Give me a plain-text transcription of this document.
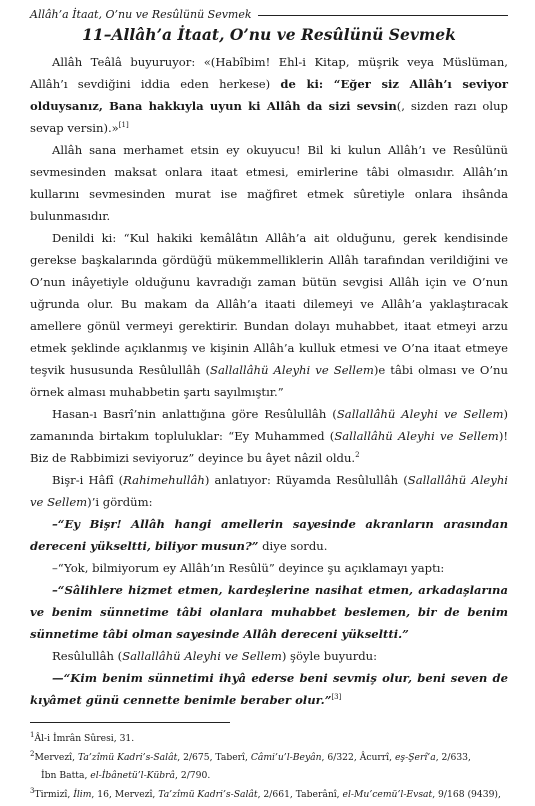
Allâh’a İtaat, O’nu ve Resûlünü Sevmek
11–Allâh’a İtaat, O’nu ve Resûlünü Sevmek

Allâh Teâlâ buyuruyor: «(Habîbim! Ehl-i Kitap, müşrik veya Müslüman, Allâh’ı sevdiğini iddia eden herkese) de ki: “Eğer siz Allâh’ı seviyor olduysanız, Bana hakkıyla uyun ki Allâh da sizi sevsin(, sizden razı olup sevap versin).»[1]

Allâh sana merhamet etsin ey okuyucu! Bil ki kulun Allâh’ı ve Resûlünü sevmesinden maksat onlara itaat etmesi, emirlerine tâbi olmasıdır. Allâh’ın kullarını sevmesinden murat ise mağfiret etmek sûretiyle onlara ihsânda bulunmasıdır.

Denildi ki: “Kul hakiki kemâlâtın Allâh’a ait olduğunu, gerek kendisinde gerekse başkalarında gördüğü mükemmelliklerin Allâh tarafından verildiğini ve O’nun inâyetiyle olduğunu kavradığı zaman bütün sevgisi Allâh için ve O’nun uğrunda olur. Bu makam da Allâh’a itaati dilemeyi ve Allâh’a yaklaştıracak amellere gönül vermeyi gerektirir. Bundan dolayı muhabbet, itaat etmeyi arzu etmek şeklinde açıklanmış ve kişinin Allâh’a kulluk etmesi ve O’na itaat etmeye teşvik hususunda Resûlullâh (Sallallâhü Aleyhi ve Sellem)e tâbi olması ve O’nu örnek alması muhabbetin şartı sayılmıştır.”

Hasan-ı Basrî’nin anlattığına göre Resûlullâh (Sallallâhü Aleyhi ve Sellem) zamanında birtakım topluluklar: “Ey Muhammed (Sallallâhü Aleyhi ve Sellem)! Biz de Rabbimizi seviyoruz” deyince bu âyet nâzil oldu.$^2$

Bişr-i Hâfî (Rahimehullâh) anlatıyor: Rüyamda Resûlullâh (Sallallâhü Aleyhi ve Sellem)’i gördüm:

–“Ey Bişr! Allâh hangi amellerin sayesinde akranların arasından dereceni yükseltti, biliyor musun?” diye sordu.

–“Yok, bilmiyorum ey Allâh’ın Resûlü” deyince şu açıklamayı yaptı:

–“Sâlihlere hizmet etmen, kardeşlerine nasihat etmen, arkadaşlarına ve benim sünnetime tâbi olanlara muhabbet beslemen, bir de benim sünnetime tâbi olman sayesinde Allâh dereceni yükseltti.”

Resûlullâh (Sallallâhü Aleyhi ve Sellem) şöyle buyurdu:

—“Kim benim sünnetimi ihyâ ederse beni sevmiş olur, beni seven de kıyâmet günü cennette benimle beraber olur.”[3]

$^1$Âl-i İmrân Sûresi, 31.
$^2$Mervezî, Ta’zîmü Kadri’s-Salât, 2/675, Taberî, Câmi’u’l-Beyân, 6/322, Âcurrî, eş-Şerî’a, 2/633,
İbn Batta, el-İbânetü’l-Kübrâ, 2/790.
$^3$Tirmizî, İlim, 16, Mervezî, Ta’zîmü Kadri’s-Salât, 2/661, Taberânî, el-Mu’cemü’l-Evsat, 9/168 (9439),
